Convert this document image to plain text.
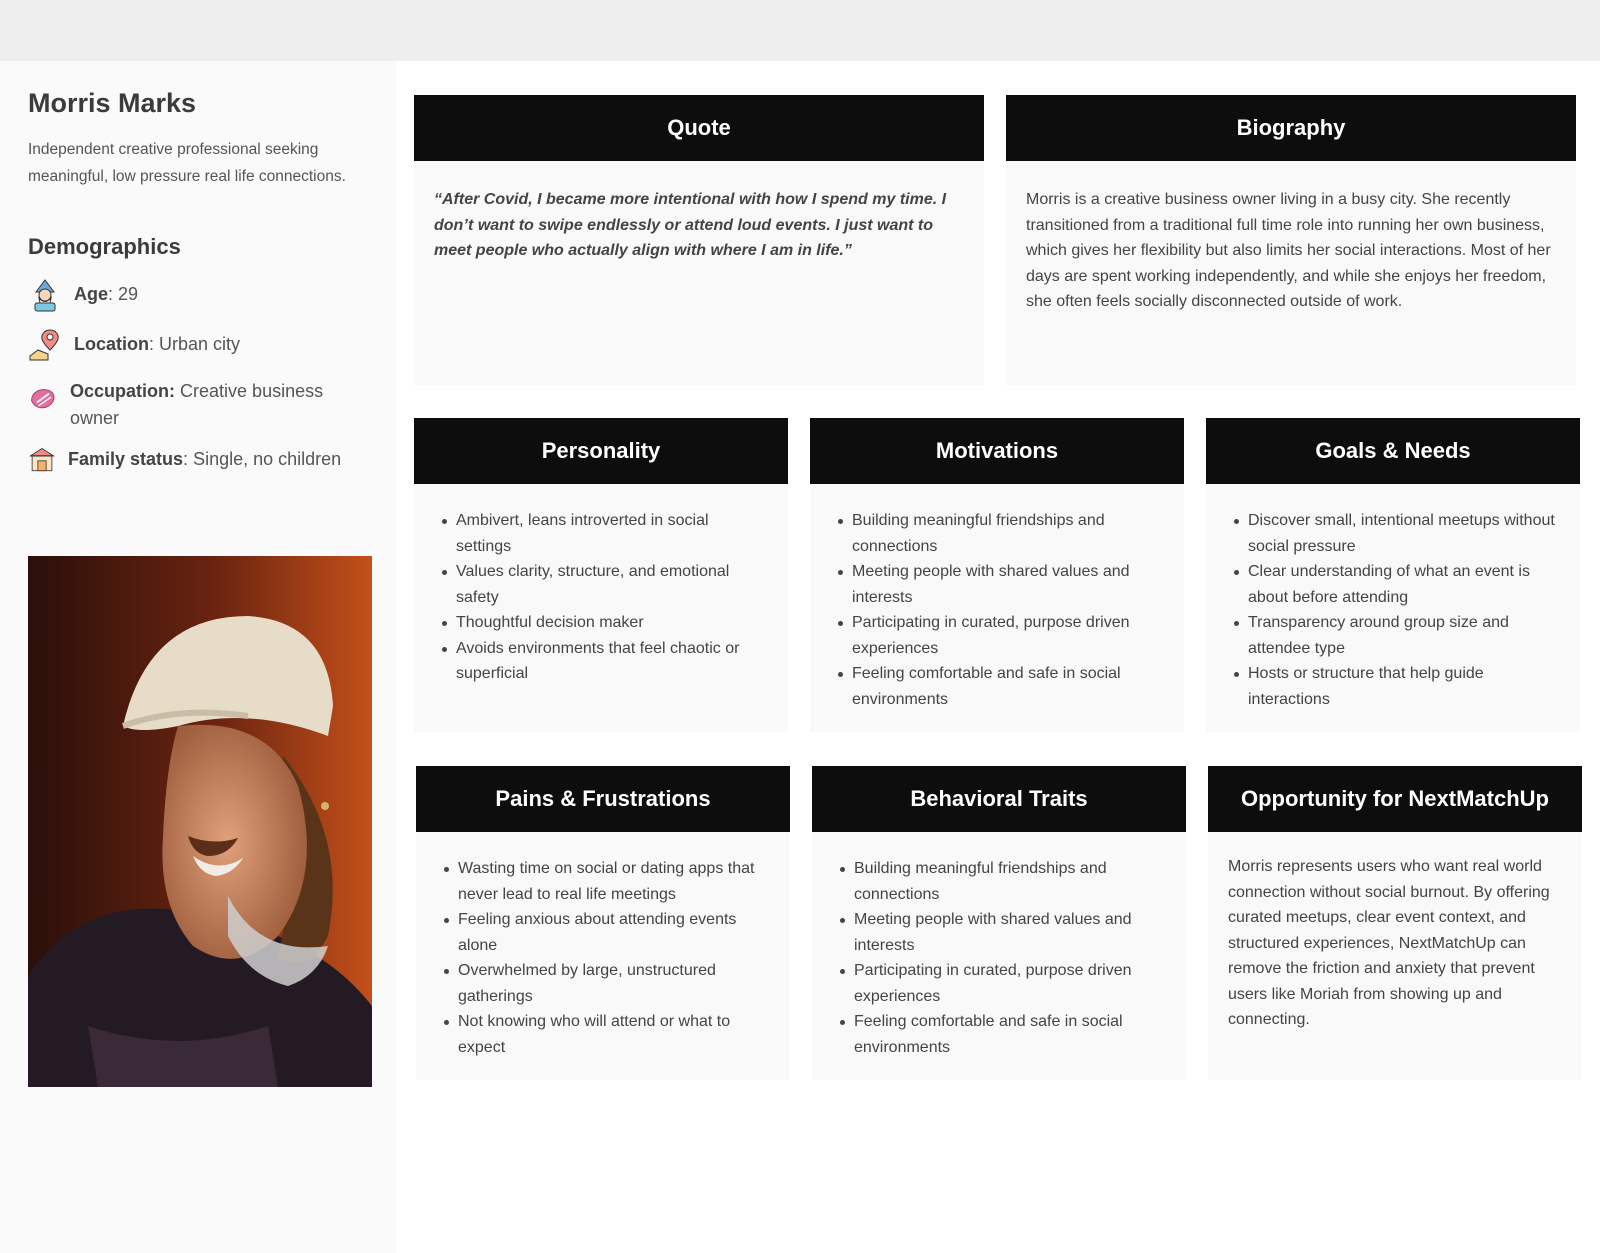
Morris Marks

Independent creative professional seeking meaningful, low pressure real life connections.

Demographics
Age: 29
Location: Urban city
Occupation: Creative business owner
Family status: Single, no children
Quote
“After Covid, I became more intentional with how I spend my time. I don’t want to swipe endlessly or attend loud events. I just want to meet people who actually align with where I am in life.”
Biography
Morris is a creative business owner living in a busy city. She recently transitioned from a traditional full time role into running her own business, which gives her flexibility but also limits her social interactions. Most of her days are spent working independently, and while she enjoys her freedom, she often feels socially disconnected outside of work.
Personality
Ambivert, leans introverted in social settings
Values clarity, structure, and emotional safety
Thoughtful decision maker
Avoids environments that feel chaotic or superficial
Motivations
Building meaningful friendships and connections
Meeting people with shared values and interests
Participating in curated, purpose driven experiences
Feeling comfortable and safe in social environments
Goals & Needs
Discover small, intentional meetups without social pressure
Clear understanding of what an event is about before attending
Transparency around group size and attendee type
Hosts or structure that help guide interactions
Pains & Frustrations
Wasting time on social or dating apps that never lead to real life meetings
Feeling anxious about attending events alone
Overwhelmed by large, unstructured gatherings
Not knowing who will attend or what to expect
Behavioral Traits
Building meaningful friendships and connections
Meeting people with shared values and interests
Participating in curated, purpose driven experiences
Feeling comfortable and safe in social environments
Opportunity for NextMatchUp
Morris represents users who want real world connection without social burnout. By offering curated meetups, clear event context, and structured experiences, NextMatchUp can remove the friction and anxiety that prevent users like Moriah from showing up and connecting.
